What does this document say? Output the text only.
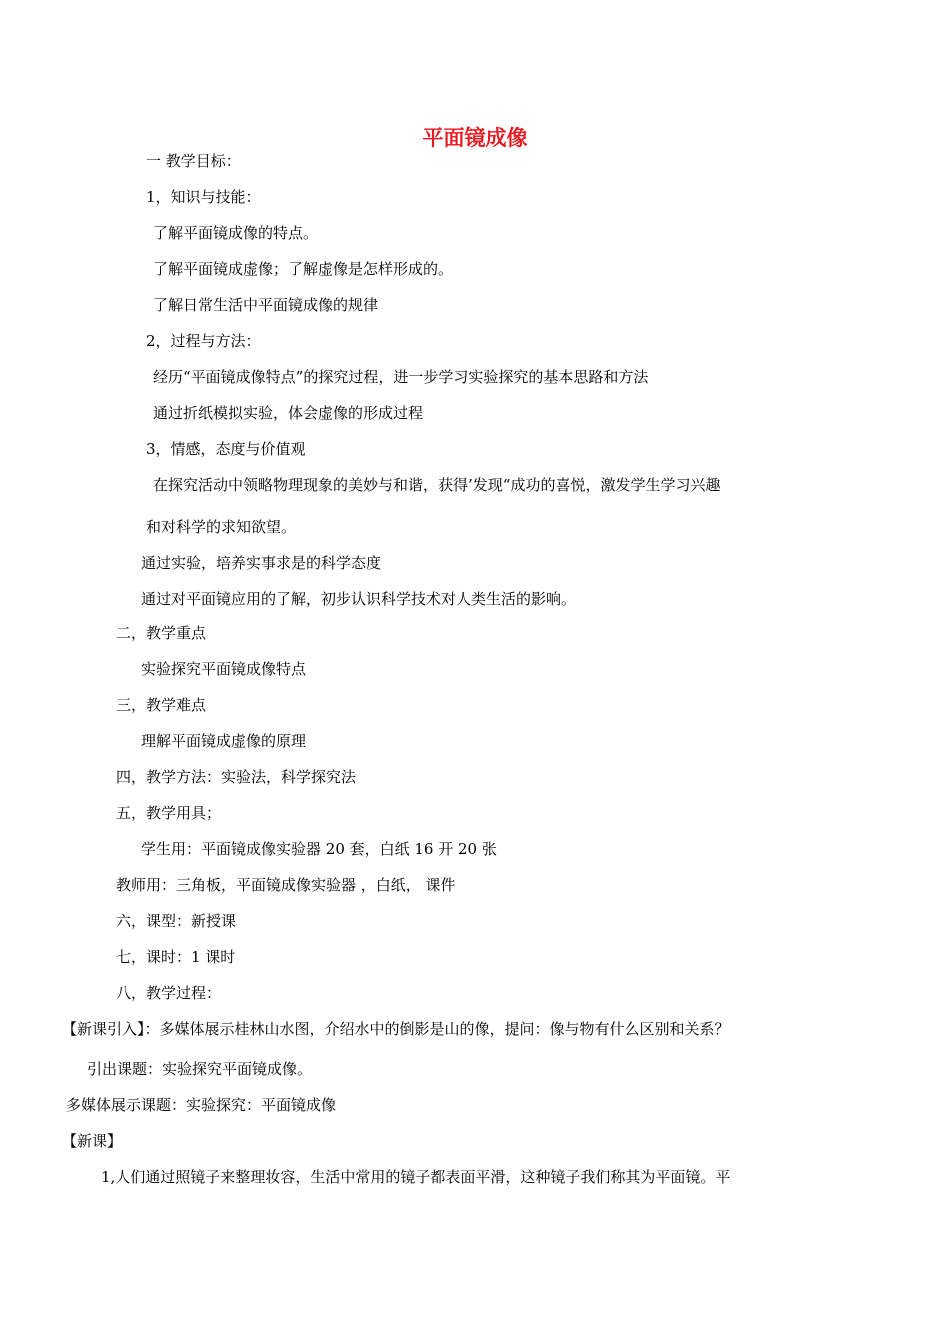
平面镜成像
一 教学目标：
1，知识与技能：
了解平面镜成像的特点。
了解平面镜成虚像；了解虚像是怎样形成的。
了解日常生活中平面镜成像的规律
2，过程与方法：
经历“平面镜成像特点”的探究过程，进一步学习实验探究的基本思路和方法
通过折纸模拟实验，体会虚像的形成过程
3，情感，态度与价值观
在探究活动中领略物理现象的美妙与和谐，获得’发现“成功的喜悦，激发学生学习兴趣
和对科学的求知欲望。
通过实验，培养实事求是的科学态度
通过对平面镜应用的了解，初步认识科学技术对人类生活的影响。
二，教学重点
实验探究平面镜成像特点
三，教学难点
理解平面镜成虚像的原理
四，教学方法：实验法，科学探究法
五，教学用具；
学生用：平面镜成像实验器 20 套，白纸 16 开 20 张
教师用：三角板，平面镜成像实验器 ，白纸， 课件
六，课型：新授课
七，课时：1 课时
八，教学过程：
【新课引入】：多媒体展示桂林山水图，介绍水中的倒影是山的像，提问：像与物有什么区别和关系？
引出课题：实验探究平面镜成像。
多媒体展示课题：实验探究：平面镜成像
【新课】
1,人们通过照镜子来整理妆容，生活中常用的镜子都表面平滑，这种镜子我们称其为平面镜。平
